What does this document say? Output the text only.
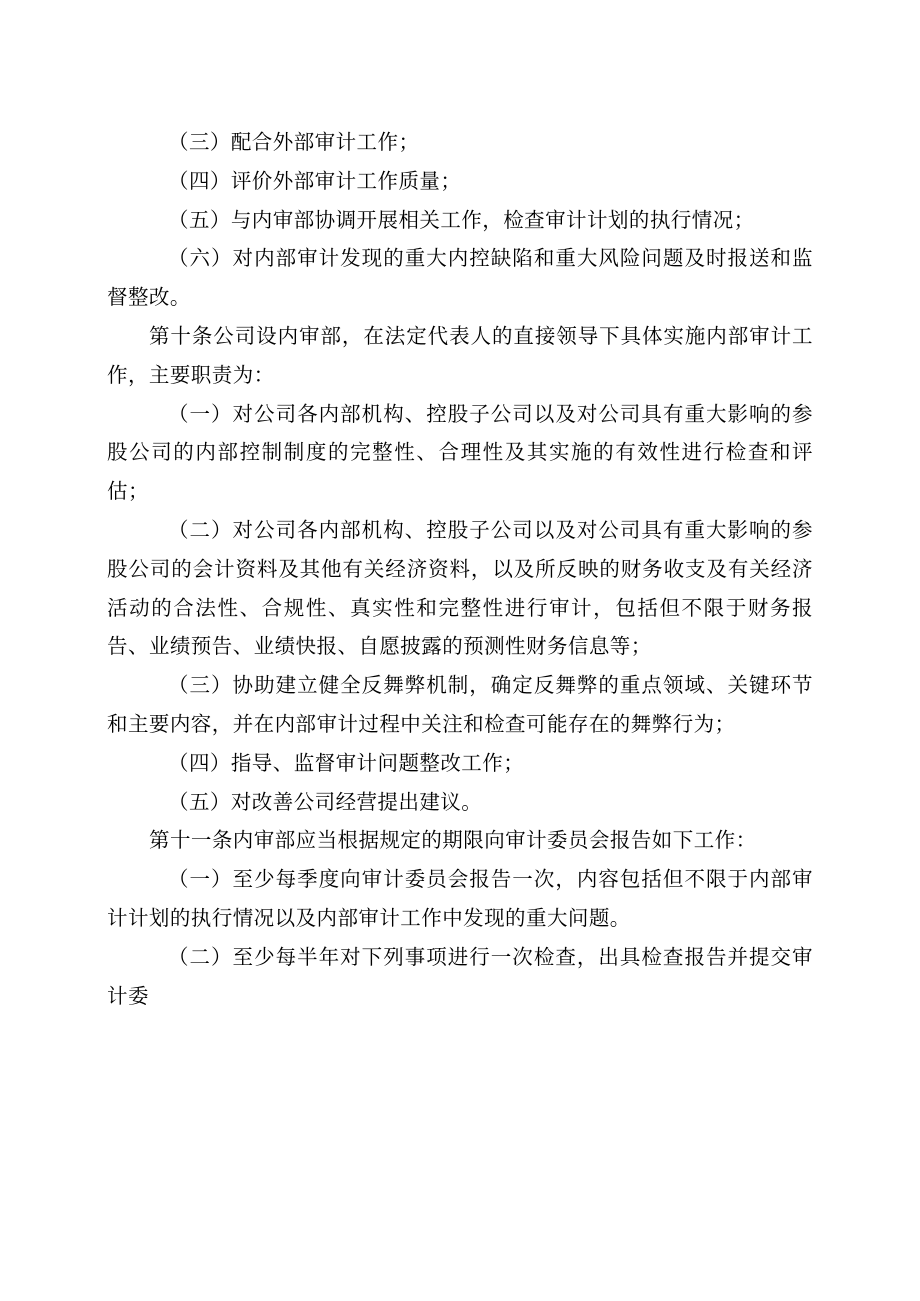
（三）配合外部审计工作；

（四）评价外部审计工作质量；

（五）与内审部协调开展相关工作，检查审计计划的执行情况；

（六）对内部审计发现的重大内控缺陷和重大风险问题及时报送和监督整改。

第十条公司设内审部，在法定代表人的直接领导下具体实施内部审计工作，主要职责为：

（一）对公司各内部机构、控股子公司以及对公司具有重大影响的参股公司的内部控制制度的完整性、合理性及其实施的有效性进行检查和评估；

（二）对公司各内部机构、控股子公司以及对公司具有重大影响的参股公司的会计资料及其他有关经济资料，以及所反映的财务收支及有关经济活动的合法性、合规性、真实性和完整性进行审计，包括但不限于财务报告、业绩预告、业绩快报、自愿披露的预测性财务信息等；

（三）协助建立健全反舞弊机制，确定反舞弊的重点领域、关键环节和主要内容，并在内部审计过程中关注和检查可能存在的舞弊行为；

（四）指导、监督审计问题整改工作；

（五）对改善公司经营提出建议。

第十一条内审部应当根据规定的期限向审计委员会报告如下工作：

（一）至少每季度向审计委员会报告一次，内容包括但不限于内部审计计划的执行情况以及内部审计工作中发现的重大问题。

（二）至少每半年对下列事项进行一次检查，出具检查报告并提交审计委
